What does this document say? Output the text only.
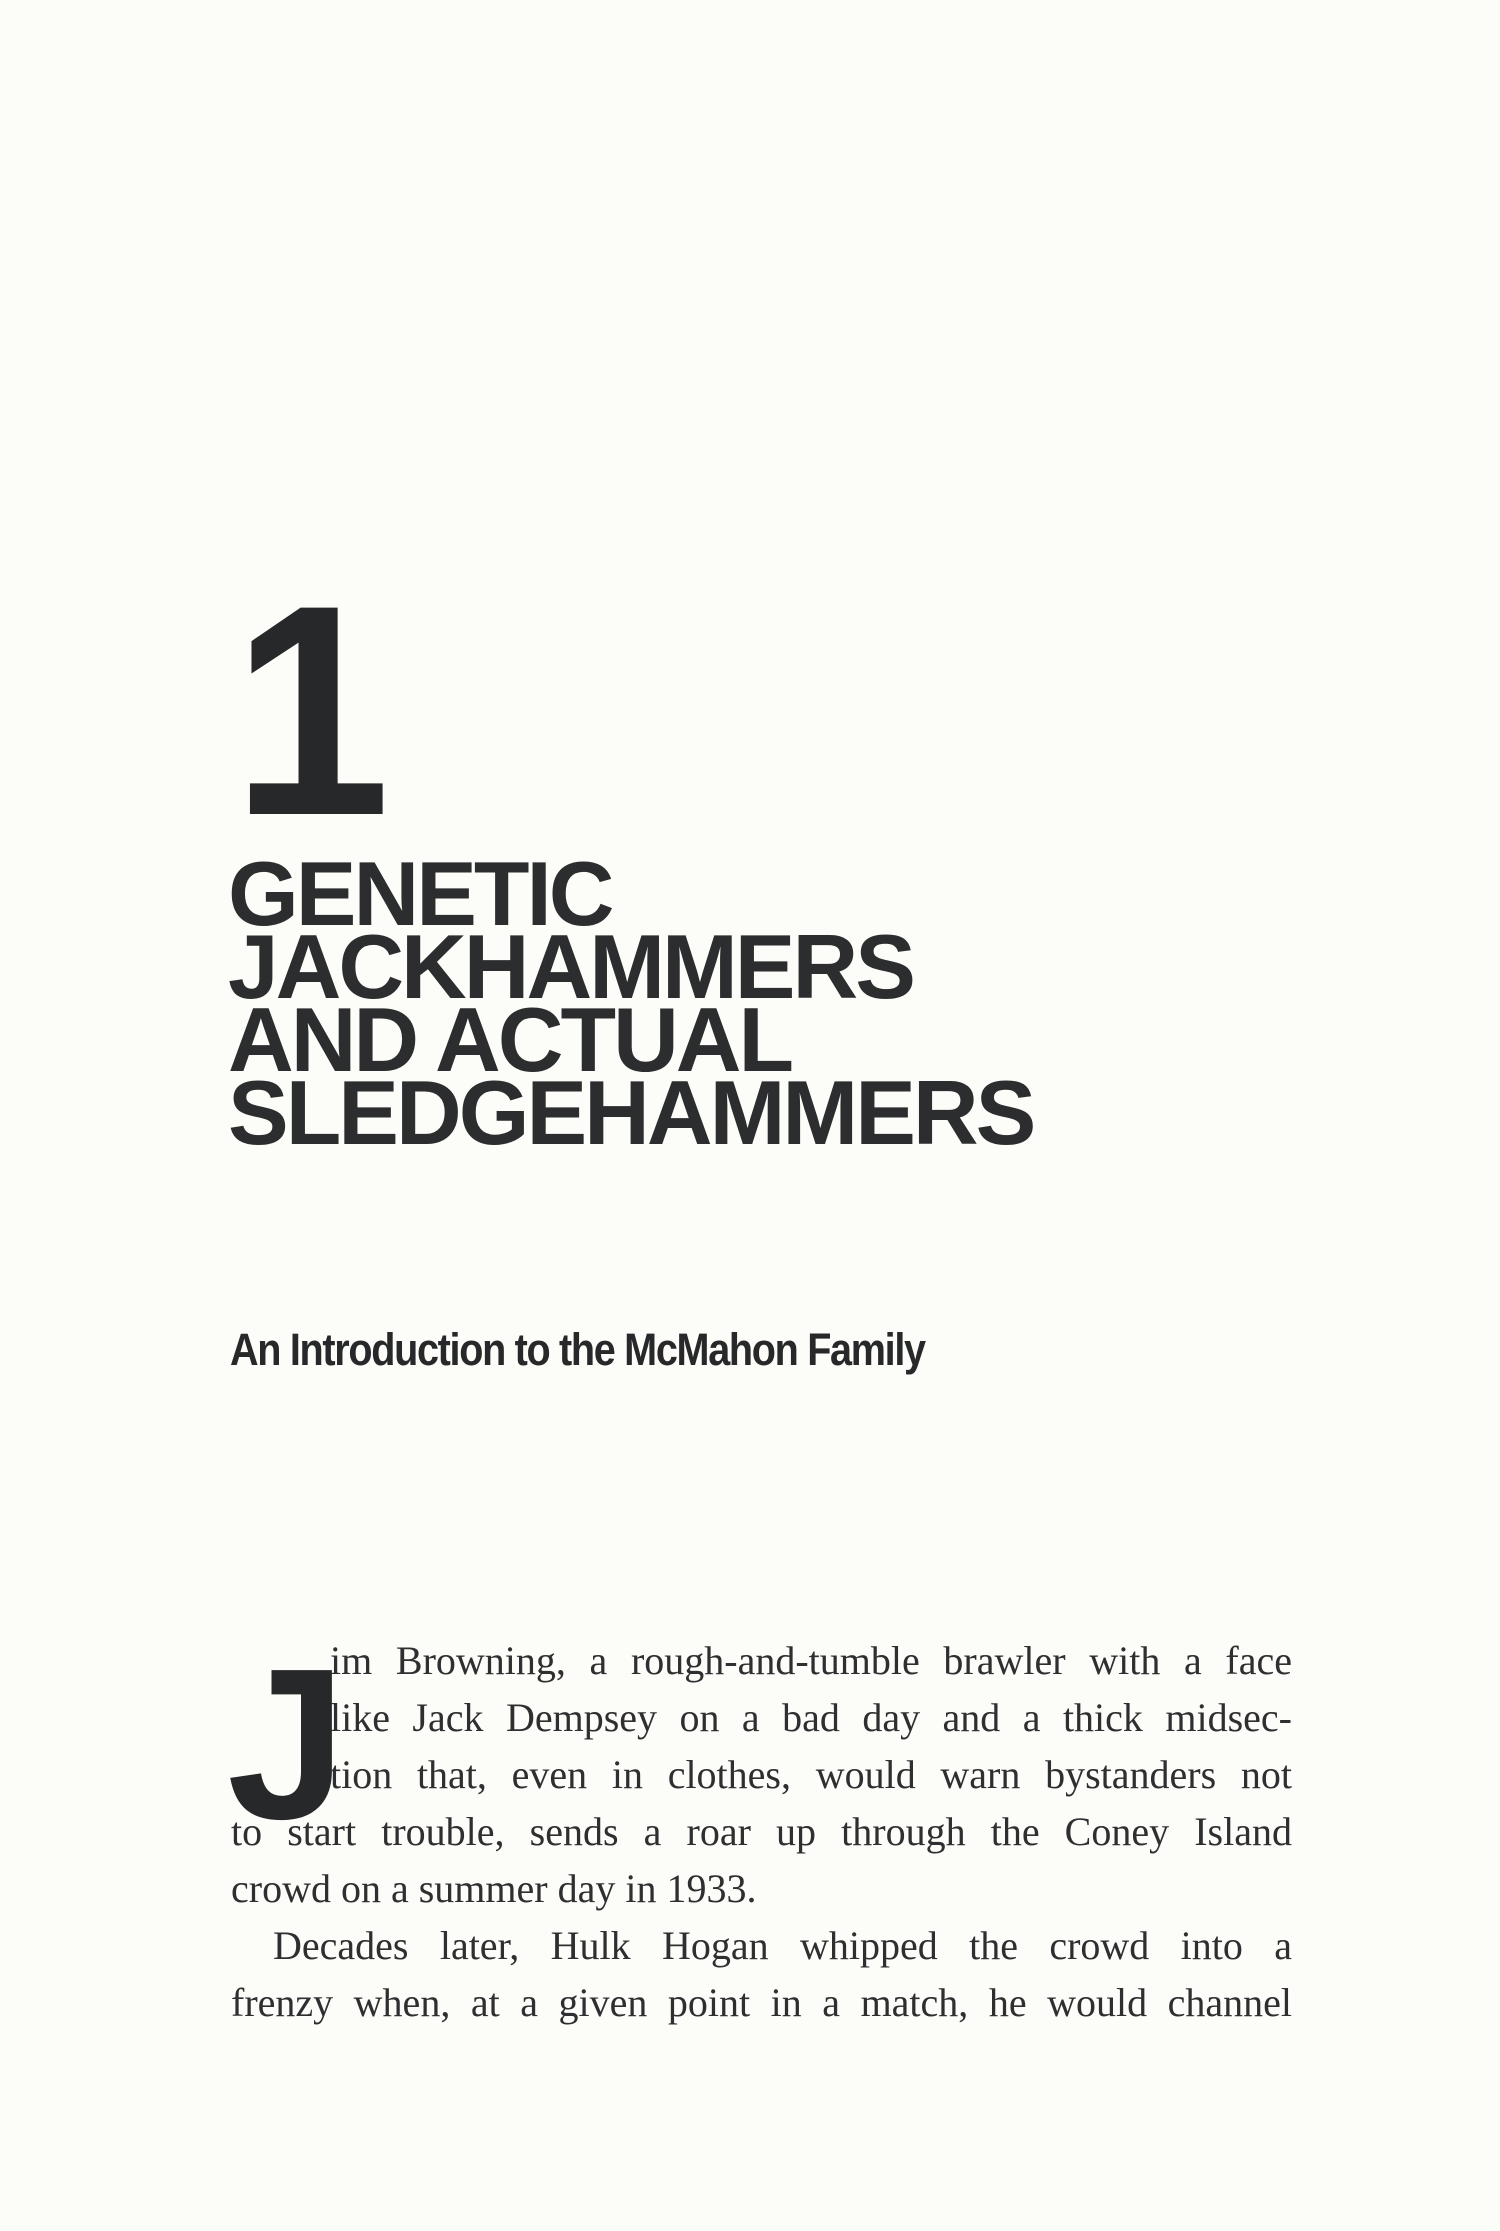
1
GENETIC
JACKHAMMERS
AND ACTUAL
SLEDGEHAMMERS
An Introduction to the McMahon Family
J
im Browning, a rough-and-tumble brawler with a face
like Jack Dempsey on a bad day and a thick midsec-
tion that, even in clothes, would warn bystanders not
to start trouble, sends a roar up through the Coney Island
crowd on a summer day in 1933.
Decades later, Hulk Hogan whipped the crowd into a
frenzy when, at a given point in a match, he would channel
